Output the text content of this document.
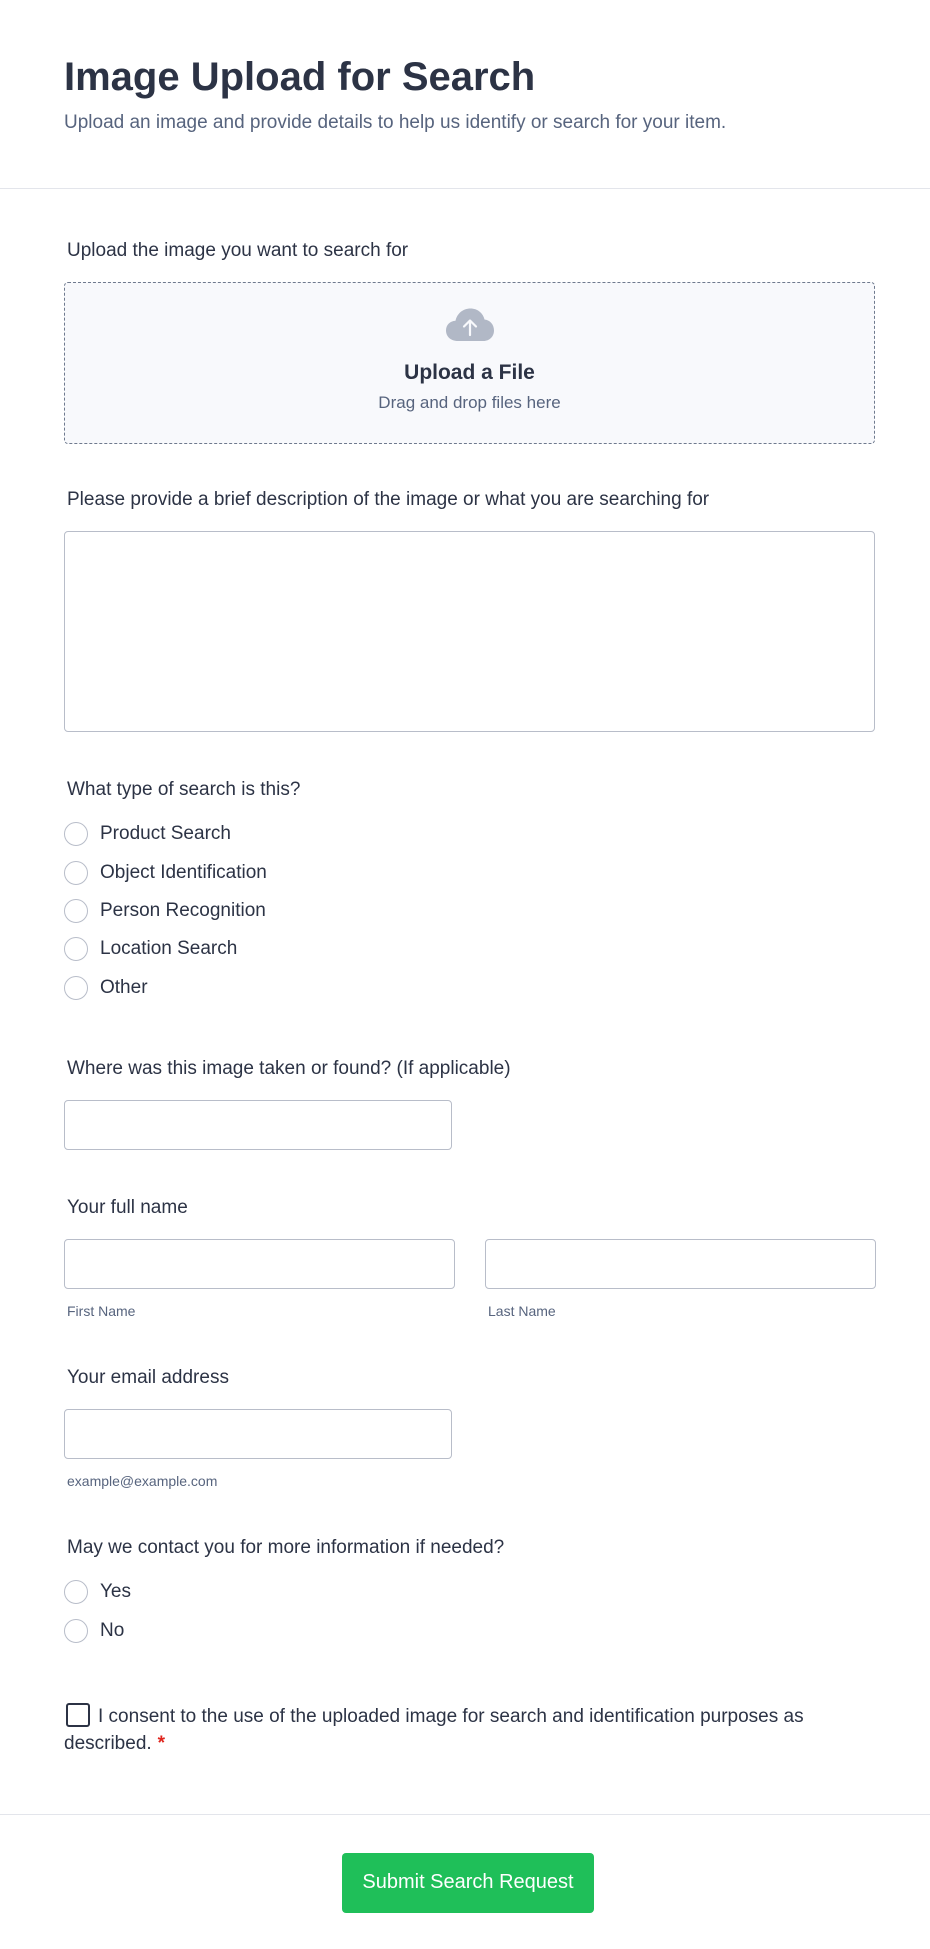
Image Upload for Search

Upload an image and provide details to help us identify or search for your item.

Upload the image you want to search for
Upload a File
Drag and drop files here
Please provide a brief description of the image or what you are searching for
What type of search is this?
Product Search
Object Identification
Person Recognition
Location Search
Other
Where was this image taken or found? (If applicable)
Your full name
First Name	Last Name
Your email address
example@example.com
May we contact you for more information if needed?
Yes
No
I consent to the use of the uploaded image for search and identification purposes as described. *
Submit Search Request
